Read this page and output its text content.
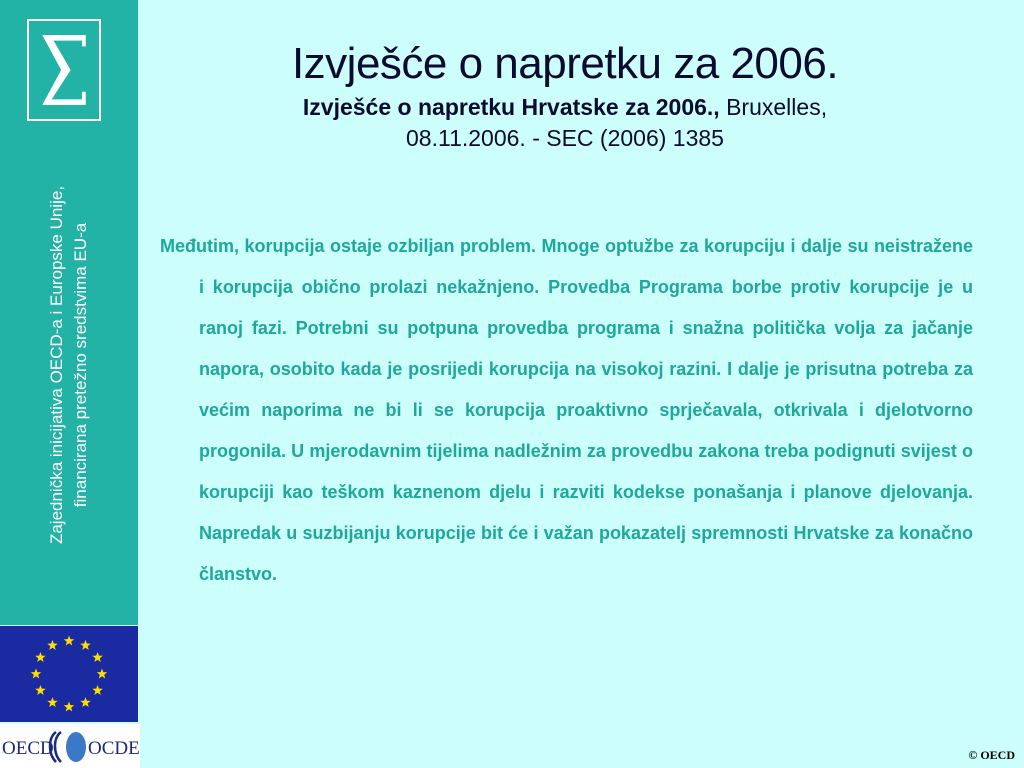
Zajednička inicijativa OECD-a i Europske Unije, financirana pretežno sredstvima EU-a
OECD OCDE
Izvješće o napretku za 2006.
Izvješće o napretku Hrvatske za 2006., Bruxelles,
08.11.2006. - SEC (2006) 1385
Međutim, korupcija ostaje ozbiljan problem. Mnoge optužbe za korupciju i dalje su neistražene i korupcija obično prolazi nekažnjeno. Provedba Programa borbe protiv korupcije je u ranoj fazi. Potrebni su potpuna provedba programa i snažna politička volja za jačanje napora, osobito kada je posrijedi korupcija na visokoj razini. I dalje je prisutna potreba za većim naporima ne bi li se korupcija proaktivno sprječavala, otkrivala i djelotvorno progonila. U mjerodavnim tijelima nadležnim za provedbu zakona treba podignuti svijest o korupciji kao teškom kaznenom djelu i razviti kodekse ponašanja i planove djelovanja. Napredak u suzbijanju korupcije bit će i važan pokazatelj spremnosti Hrvatske za konačno članstvo.
© OECD
